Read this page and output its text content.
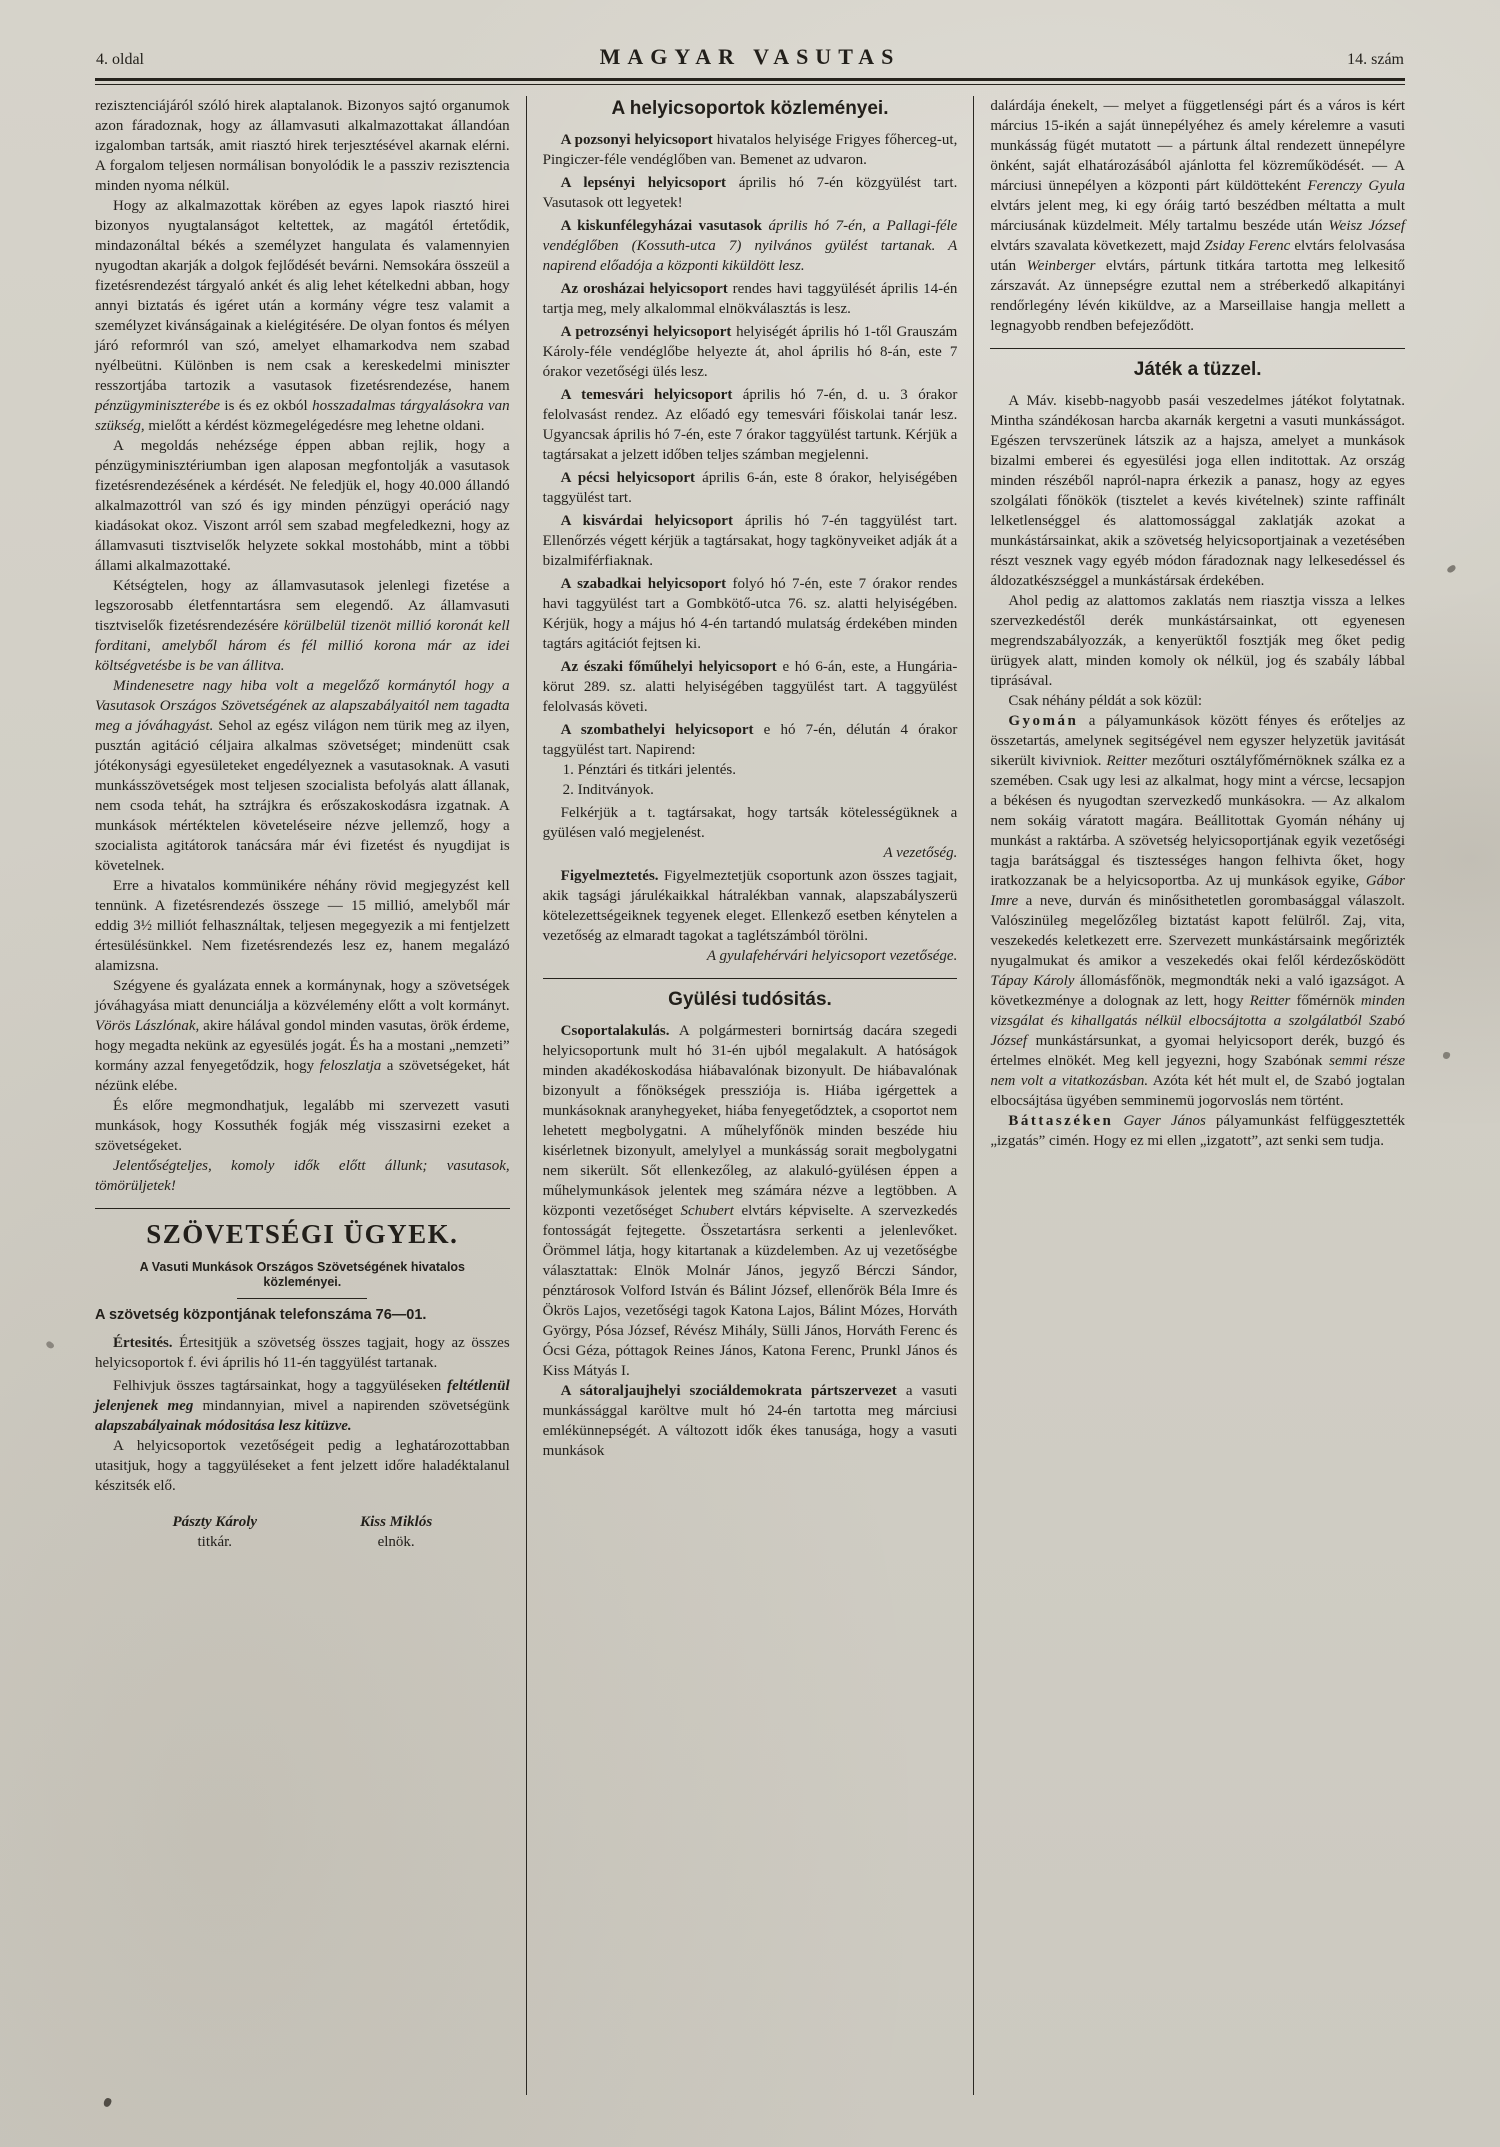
4. oldal	MAGYAR VASUTAS	14. szám

rezisztenciájáról szóló hirek alaptalanok. Bizonyos sajtó organumok azon fáradoznak, hogy az államvasuti alkalmazottakat állandóan izgalomban tartsák, amit riasztó hirek terjesztésével akarnak elérni. A forgalom teljesen normálisan bonyolódik le a passziv rezisztencia minden nyoma nélkül.

Hogy az alkalmazottak körében az egyes lapok riasztó hirei bizonyos nyugtalanságot keltettek, az magától értetődik, mindazonáltal békés a személyzet hangulata és valamennyien nyugodtan akarják a dolgok fejlődését bevárni. Nemsokára összeül a fizetésrendezést tárgyaló ankét és alig lehet kételkedni abban, hogy annyi biztatás és igéret után a kormány végre tesz valamit a személyzet kivánságainak a kielégitésére. De olyan fontos és mélyen járó reformról van szó, amelyet elhamarkodva nem szabad nyélbeütni. Különben is nem csak a kereskedelmi miniszter resszortjába tartozik a vasutasok fizetésrendezése, hanem pénzügyminiszterébe is és ez okból hosszadalmas tárgyalásokra van szükség, mielőtt a kérdést közmegelégedésre meg lehetne oldani.

A megoldás nehézsége éppen abban rejlik, hogy a pénzügyminisztériumban igen alaposan megfontolják a vasutasok fizetésrendezésének a kérdését. Ne feledjük el, hogy 40.000 állandó alkalmazottról van szó és igy minden pénzügyi operáció nagy kiadásokat okoz. Viszont arról sem szabad megfeledkezni, hogy az államvasuti tisztviselők helyzete sokkal mostohább, mint a többi állami alkalmazottaké.

Kétségtelen, hogy az államvasutasok jelenlegi fizetése a legszorosabb életfenntartásra sem elegendő. Az államvasuti tisztviselők fizetésrendezésére körülbelül tizenöt millió koronát kell forditani, amelyből három és fél millió korona már az idei költségvetésbe is be van állitva.

Mindenesetre nagy hiba volt a megelőző kormánytól hogy a Vasutasok Országos Szövetségének az alapszabályaitól nem tagadta meg a jóváhagyást. Sehol az egész világon nem türik meg az ilyen, pusztán agitáció céljaira alkalmas szövetséget; mindenütt csak jótékonysági egyesületeket engedélyeznek a vasutasoknak. A vasuti munkásszövetségek most teljesen szocialista befolyás alatt állanak, nem csoda tehát, ha sztrájkra és erőszakoskodásra izgatnak. A munkások mértéktelen követeléseire nézve jellemző, hogy a szocialista agitátorok tanácsára már évi fizetést és nyugdijat is követelnek.

Erre a hivatalos kommünikére néhány rövid megjegyzést kell tennünk. A fizetésrendezés összege — 15 millió, amelyből már eddig 3½ milliót felhasználtak, teljesen megegyezik a mi fentjelzett értesülésünkkel. Nem fizetésrendezés lesz ez, hanem megalázó alamizsna.

Szégyene és gyalázata ennek a kormánynak, hogy a szövetségek jóváhagyása miatt denunciálja a közvélemény előtt a volt kormányt. Vörös Lászlónak, akire hálával gondol minden vasutas, örök érdeme, hogy megadta nekünk az egyesülés jogát. És ha a mostani „nemzeti” kormány azzal fenyegetődzik, hogy feloszlatja a szövetségeket, hát nézünk elébe.

És előre megmondhatjuk, legalább mi szervezett vasuti munkások, hogy Kossuthék fogják még visszasirni ezeket a szövetségeket.

Jelentőségteljes, komoly idők előtt állunk; vasutasok, tömörüljetek!

SZÖVETSÉGI ÜGYEK.
A Vasuti Munkások Országos Szövetségének hivatalos közleményei.
A szövetség központjának telefonszáma 76—01.

Értesités. Értesitjük a szövetség összes tagjait, hogy az összes helyicsoportok f. évi április hó 11-én taggyülést tartanak.

Felhivjuk összes tagtársainkat, hogy a taggyüléseken feltétlenül jelenjenek meg mindannyian, mivel a napirenden szövetségünk alapszabályainak módositása lesz kitüzve.

A helyicsoportok vezetőségeit pedig a leghatározottabban utasitjuk, hogy a taggyüléseket a fent jelzett időre haladéktalanul készitsék elő.

Pászty Károly
titkár.
Kiss Miklós
elnök.
A helyicsoportok közleményei.

A pozsonyi helyicsoport hivatalos helyisége Frigyes főherceg-ut, Pingiczer-féle vendéglőben van. Bemenet az udvaron.

A lepsényi helyicsoport április hó 7-én közgyülést tart. Vasutasok ott legyetek!

A kiskunfélegyházai vasutasok április hó 7-én, a Pallagi-féle vendéglőben (Kossuth-utca 7) nyilvános gyülést tartanak. A napirend előadója a központi kiküldött lesz.

Az orosházai helyicsoport rendes havi taggyülését április 14-én tartja meg, mely alkalommal elnökválasztás is lesz.

A petrozsényi helyicsoport helyiségét április hó 1-től Grauszám Károly-féle vendéglőbe helyezte át, ahol április hó 8-án, este 7 órakor vezetőségi ülés lesz.

A temesvári helyicsoport április hó 7-én, d. u. 3 órakor felolvasást rendez. Az előadó egy temesvári főiskolai tanár lesz. Ugyancsak április hó 7-én, este 7 órakor taggyülést tartunk. Kérjük a tagtársakat a jelzett időben teljes számban megjelenni.

A pécsi helyicsoport április 6-án, este 8 órakor, helyiségében taggyülést tart.

A kisvárdai helyicsoport április hó 7-én taggyülést tart. Ellenőrzés végett kérjük a tagtársakat, hogy tagkönyveiket adják át a bizalmiférfiaknak.

A szabadkai helyicsoport folyó hó 7-én, este 7 órakor rendes havi taggyülést tart a Gombkötő-utca 76. sz. alatti helyiségében. Kérjük, hogy a május hó 4-én tartandó mulatság érdekében minden tagtárs agitációt fejtsen ki.

Az északi főműhelyi helyicsoport e hó 6-án, este, a Hungária-körut 289. sz. alatti helyiségében taggyülést tart. A taggyülést felolvasás követi.

A szombathelyi helyicsoport e hó 7-én, délután 4 órakor taggyülést tart. Napirend:

1. Pénztári és titkári jelentés.

2. Inditványok.

Felkérjük a t. tagtársakat, hogy tartsák kötelességüknek a gyülésen való megjelenést.

A vezetőség.

Figyelmeztetés. Figyelmeztetjük csoportunk azon összes tagjait, akik tagsági járulékaikkal hátralékban vannak, alapszabályszerü kötelezettségeiknek tegyenek eleget. Ellenkező esetben kénytelen a vezetőség az elmaradt tagokat a taglétszámból törölni.

A gyulafehérvári helyicsoport vezetősége.

Gyülési tudósitás.

Csoportalakulás. A polgármesteri bornirtság dacára szegedi helyicsoportunk mult hó 31-én ujból megalakult. A hatóságok minden akadékoskodása hiábavalónak bizonyult. De hiábavalónak bizonyult a főnökségek pressziója is. Hiába igérgettek a munkásoknak aranyhegyeket, hiába fenyegetődztek, a csoportot nem lehetett megbolygatni. A műhelyfőnök minden beszéde hiu kisérletnek bizonyult, amelylyel a munkásság sorait megbolygatni nem sikerült. Sőt ellenkezőleg, az alakuló-gyülésen éppen a műhelymunkások jelentek meg számára nézve a legtöbben. A központi vezetőséget Schubert elvtárs képviselte. A szervezkedés fontosságát fejtegette. Összetartásra serkenti a jelenlevőket. Örömmel látja, hogy kitartanak a küzdelemben. Az uj vezetőségbe választattak: Elnök Molnár János, jegyző Bérczi Sándor, pénztárosok Volford István és Bálint József, ellenőrök Béla Imre és Ökrös Lajos, vezetőségi tagok Katona Lajos, Bálint Mózes, Horváth György, Pósa József, Révész Mihály, Sülli János, Horváth Ferenc és Ócsi Géza, póttagok Reines János, Katona Ferenc, Prunkl János és Kiss Mátyás I.

A sátoraljaujhelyi szociáldemokrata pártszervezet a vasuti munkássággal karöltve mult hó 24-én tartotta meg márciusi emlékünnepségét. A változott idők ékes tanusága, hogy a vasuti munkások

dalárdája énekelt, — melyet a függetlenségi párt és a város is kért március 15-ikén a saját ünnepélyéhez és amely kérelemre a vasuti munkásság fügét mutatott — a pártunk által rendezett ünnepélyre önként, saját elhatározásából ajánlotta fel közreműködését. — A márciusi ünnepélyen a központi párt küldötteként Ferenczy Gyula elvtárs jelent meg, ki egy óráig tartó beszédben méltatta a mult márciusának küzdelmeit. Mély tartalmu beszéde után Weisz József elvtárs szavalata következett, majd Zsiday Ferenc elvtárs felolvasása után Weinberger elvtárs, pártunk titkára tartotta meg lelkesitő zárszavát. Az ünnepségre ezuttal nem a stréberkedő alkapitányi rendőrlegény lévén kiküldve, az a Marseillaise hangja mellett a legnagyobb rendben befejeződött.

Játék a tüzzel.

A Máv. kisebb-nagyobb pasái veszedelmes játékot folytatnak. Mintha szándékosan harcba akarnák kergetni a vasuti munkásságot. Egészen tervszerünek látszik az a hajsza, amelyet a munkások bizalmi emberei és egyesülési joga ellen inditottak. Az ország minden részéből napról-napra érkezik a panasz, hogy az egyes szolgálati főnökök (tisztelet a kevés kivételnek) szinte raffinált lelketlenséggel és alattomossággal zaklatják azokat a munkástársainkat, akik a szövetség helyicsoportjainak a vezetésében részt vesznek vagy egyéb módon fáradoznak nagy lelkesedéssel és áldozatkészséggel a munkástársak érdekében.

Ahol pedig az alattomos zaklatás nem riasztja vissza a lelkes szervezkedéstől derék munkástársainkat, ott egyenesen megrendszabályozzák, a kenyerüktől fosztják meg őket pedig ürügyek alatt, minden komoly ok nélkül, jog és szabály lábbal tiprásával.

Csak néhány példát a sok közül:

Gyomán a pályamunkások között fényes és erőteljes az összetartás, amelynek segitségével nem egyszer helyzetük javitását sikerült kivivniok. Reitter mezőturi osztályfőmérnöknek szálka ez a szemében. Csak ugy lesi az alkalmat, hogy mint a vércse, lecsapjon a békésen és nyugodtan szervezkedő munkásokra. — Az alkalom nem sokáig váratott magára. Beállitottak Gyomán néhány uj munkást a raktárba. A szövetség helyicsoportjának egyik vezetőségi tagja barátsággal és tisztességes hangon felhivta őket, hogy iratkozzanak be a helyicsoportba. Az uj munkások egyike, Gábor Imre a neve, durván és minősithetetlen gorombasággal válaszolt. Valószinüleg megelőzőleg biztatást kapott felülről. Zaj, vita, veszekedés keletkezett erre. Szervezett munkástársaink megőrizték nyugalmukat és amikor a veszekedés okai felől kérdezősködött Tápay Károly állomásfőnök, megmondták neki a való igazságot. A következménye a dolognak az lett, hogy Reitter főmérnök minden vizsgálat és kihallgatás nélkül elbocsájtotta a szolgálatból Szabó József munkástársunkat, a gyomai helyicsoport derék, buzgó és értelmes elnökét. Meg kell jegyezni, hogy Szabónak semmi része nem volt a vitatkozásban. Azóta két hét mult el, de Szabó jogtalan elbocsájtása ügyében semminemü jogorvoslás nem történt.

Báttaszéken Gayer János pályamunkást felfüggesztették „izgatás” cimén. Hogy ez mi ellen „izgatott”, azt senki sem tudja.
